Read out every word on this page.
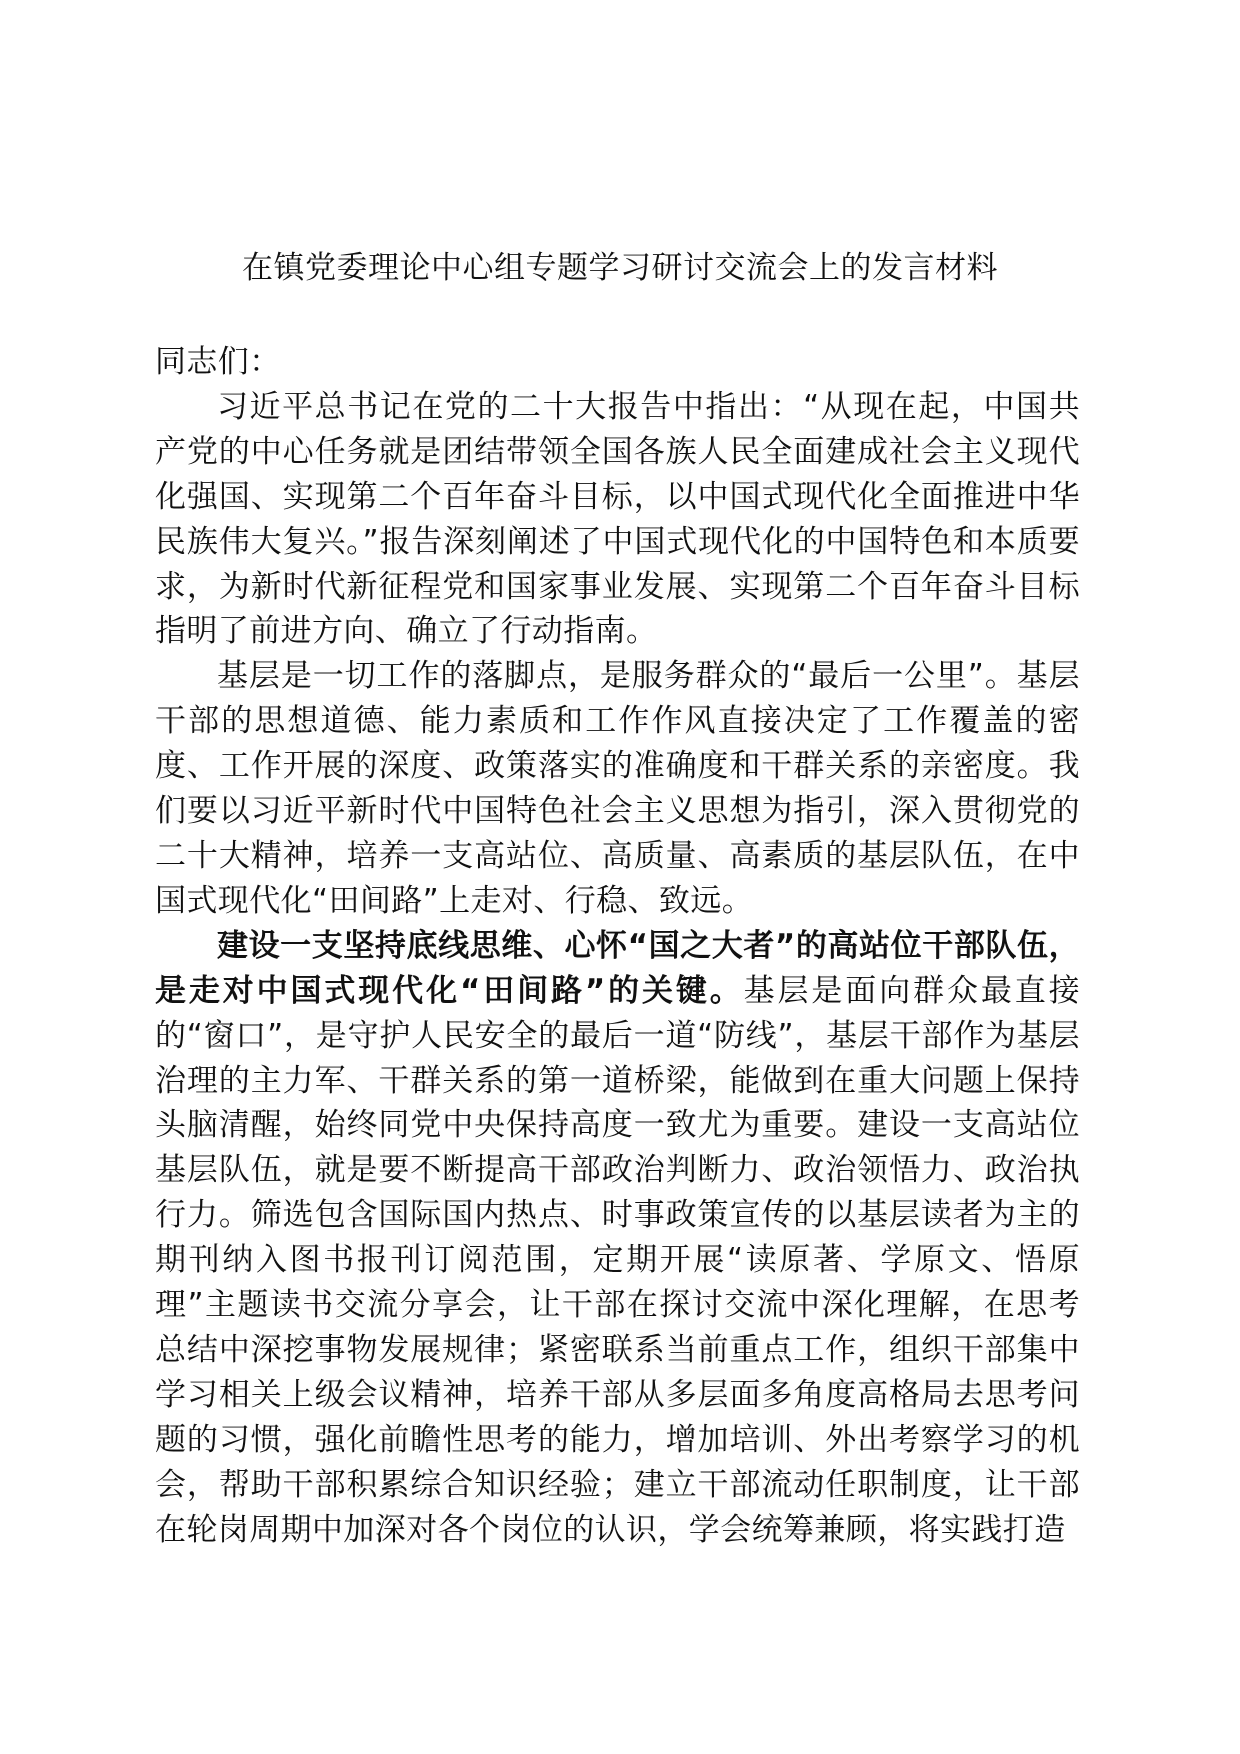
在镇党委理论中心组专题学习研讨交流会上的发言材料

同志们：

习近平总书记在党的二十大报告中指出：“从现在起，中国共产党的中心任务就是团结带领全国各族人民全面建成社会主义现代化强国、实现第二个百年奋斗目标，以中国式现代化全面推进中华民族伟大复兴。”报告深刻阐述了中国式现代化的中国特色和本质要求，为新时代新征程党和国家事业发展、实现第二个百年奋斗目标指明了前进方向、确立了行动指南。

基层是一切工作的落脚点，是服务群众的“最后一公里”。基层干部的思想道德、能力素质和工作作风直接决定了工作覆盖的密度、工作开展的深度、政策落实的准确度和干群关系的亲密度。我们要以习近平新时代中国特色社会主义思想为指引，深入贯彻党的二十大精神，培养一支高站位、高质量、高素质的基层队伍，在中国式现代化“田间路”上走对、行稳、致远。

建设一支坚持底线思维、心怀“国之大者”的高站位干部队伍，是走对中国式现代化“田间路”的关键。基层是面向群众最直接的“窗口”，是守护人民安全的最后一道“防线”，基层干部作为基层治理的主力军、干群关系的第一道桥梁，能做到在重大问题上保持头脑清醒，始终同党中央保持高度一致尤为重要。建设一支高站位基层队伍，就是要不断提高干部政治判断力、政治领悟力、政治执行力。筛选包含国际国内热点、时事政策宣传的以基层读者为主的期刊纳入图书报刊订阅范围，定期开展“读原著、学原文、悟原理”主题读书交流分享会，让干部在探讨交流中深化理解，在思考总结中深挖事物发展规律；紧密联系当前重点工作，组织干部集中学习相关上级会议精神，培养干部从多层面多角度高格局去思考问题的习惯，强化前瞻性思考的能力，增加培训、外出考察学习的机会，帮助干部积累综合知识经验；建立干部流动任职制度，让干部在轮岗周期中加深对各个岗位的认识，学会统筹兼顾，将实践打造
